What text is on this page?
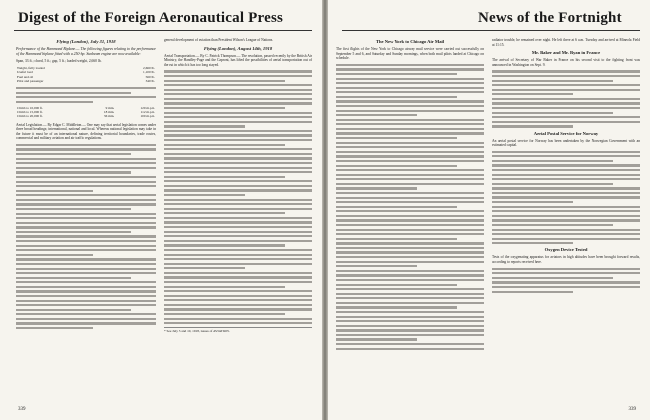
Digest of the Foreign Aeronautical Press
Flying (London), July 31, 1918
Performance of the Hammond Biplane.— The following figures relating to the performance of the Hammond biplane fitted with a 250-hp. Sunbeam engine are now available:
Span, 33 ft.; chord, 5 ft.; gap, 5 ft.; loaded weight, 2,660 lb.
Weight, fully loaded	2,660 lb.
Useful load	1,100 lb.
Fuel and oil	560 lb.
Pilot and passenger	340 lb.
Climb to 10,000 ft.	9 min.	120 m.p.h.
Climb to 15,000 ft.	18 min.	112 m.p.h.
Climb to 20,000 ft.	36 min.	100 m.p.h.
Aerial Legislation.— By Edgar C. Middleton.— One may say that aerial legislation comes under three broad headings; international, national and local. Whereas national legislation may take in the future it must be of an international nature, defining territorial boundaries, trade routes, commercial and military aviation and air traffic regulations.
general development of aviation than President Wilson's League of Nations.
Flying (London), August 14th, 1918
Aerial Transportation.— By C. Patrick Thompson.— The resolution, passed recently by the British Air Ministry, the Handley-Page and the Caproni, has lifted the possibilities of aerial transportation out of the rut in which it has too long stayed.
* See July 3 and 10, 1918, issues of AVIATION.
339
News of the Fortnight
The New York to Chicago Air Mail
The first flights of the New York to Chicago airway mail service were carried out successfully on September 5 and 6, and Saturday and Sunday mornings, when both mail pilots landed at Chicago on schedule.
radiator trouble, he remained over night. He left there at 6 a.m. Tuesday and arrived at Mineola Field at 11:15.
Mr. Baker and Mr. Ryan in France
The arrival of Secretary of War Baker in France on his second visit to the fighting front was announced in Washington on Sept. 9.
Aerial Postal Service for Norway
An aerial postal service for Norway has been undertaken by the Norwegian Government with an estimated capital.
Oxygen Device Tested
Tests of the oxygenating apparatus for aviators in high altitudes have been brought forward results, according to reports received here.
339
